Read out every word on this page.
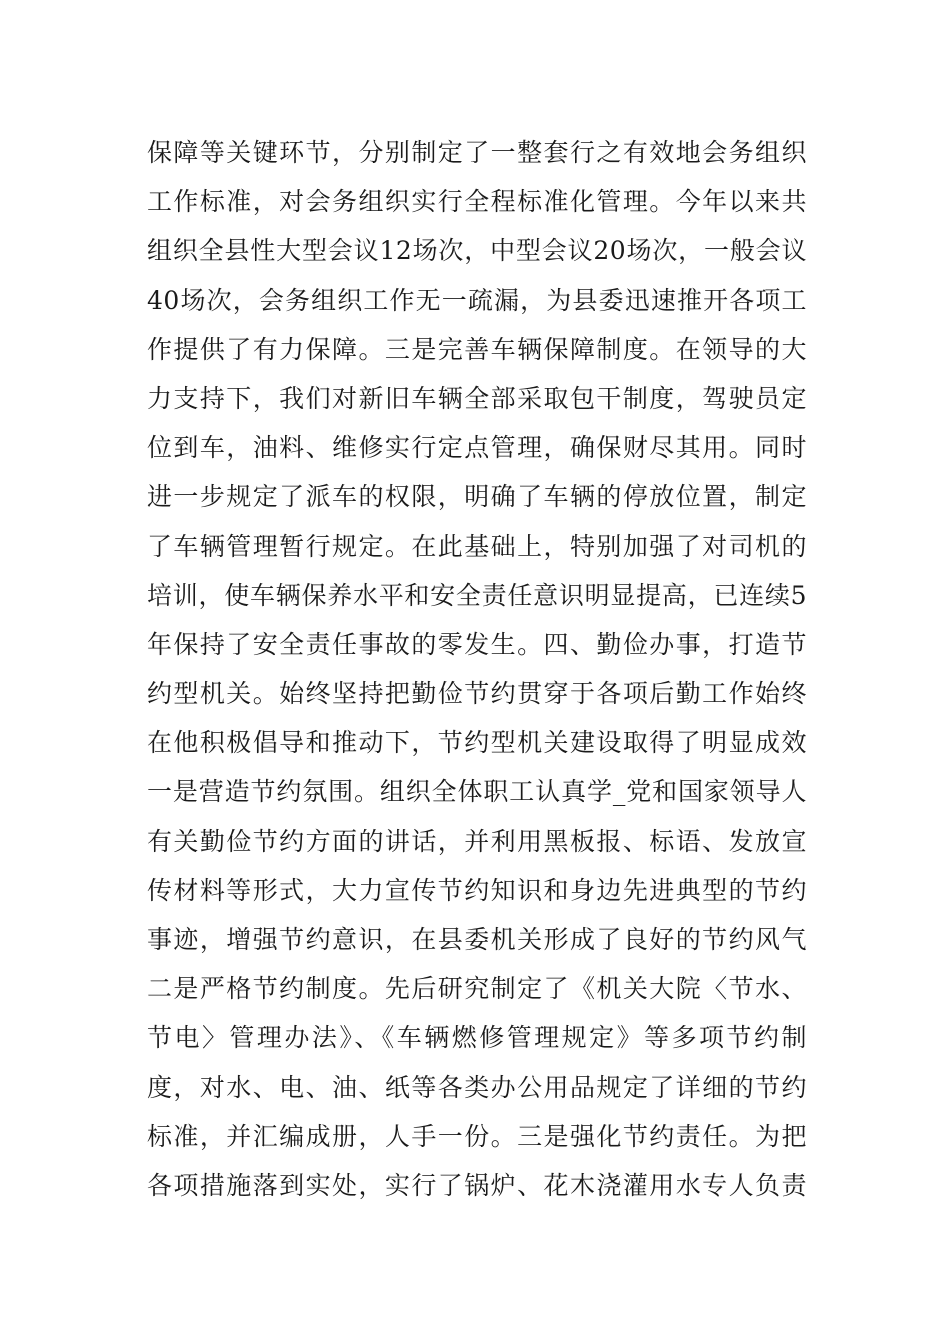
保障等关键环节，分别制定了一整套行之有效地会务组织
工作标准，对会务组织实行全程标准化管理。今年以来共
组织全县性大型会议12场次，中型会议20场次，一般会议
40场次，会务组织工作无一疏漏，为县委迅速推开各项工
作提供了有力保障。三是完善车辆保障制度。在领导的大
力支持下，我们对新旧车辆全部采取包干制度，驾驶员定
位到车，油料、维修实行定点管理，确保财尽其用。同时
进一步规定了派车的权限，明确了车辆的停放位置，制定
了车辆管理暂行规定。在此基础上，特别加强了对司机的
培训，使车辆保养水平和安全责任意识明显提高，已连续5
年保持了安全责任事故的零发生。四、勤俭办事，打造节
约型机关。始终坚持把勤俭节约贯穿于各项后勤工作始终
在他积极倡导和推动下，节约型机关建设取得了明显成效
一是营造节约氛围。组织全体职工认真学_党和国家领导人
有关勤俭节约方面的讲话，并利用黑板报、标语、发放宣
传材料等形式，大力宣传节约知识和身边先进典型的节约
事迹，增强节约意识，在县委机关形成了良好的节约风气
二是严格节约制度。先后研究制定了《机关大院〈节水、
节电〉管理办法》、《车辆燃修管理规定》等多项节约制
度，对水、电、油、纸等各类办公用品规定了详细的节约
标准，并汇编成册，人手一份。三是强化节约责任。为把
各项措施落到实处，实行了锅炉、花木浇灌用水专人负责
